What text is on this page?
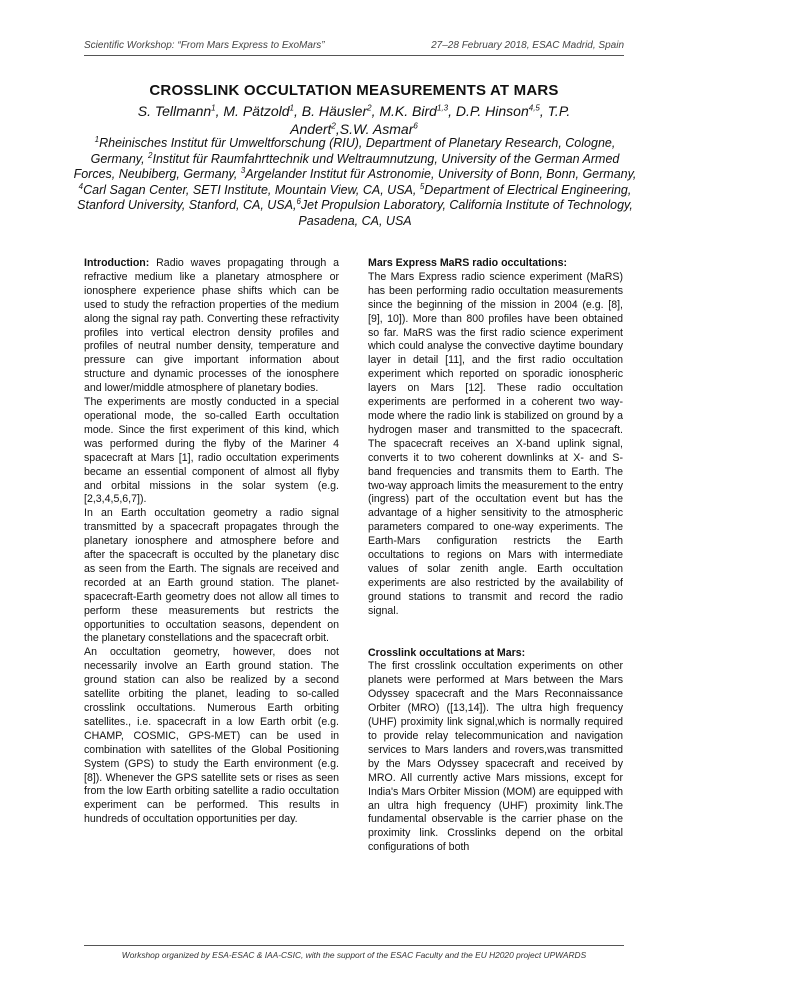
Scientific Workshop: “From Mars Express to ExoMars”	27–28 February 2018, ESAC Madrid, Spain
CROSSLINK OCCULTATION MEASUREMENTS AT MARS
S. Tellmann$^1$, M. Pätzold$^1$, B. Häusler$^2$, M.K. Bird$^{1,3}$, D.P. Hinson$^{4,5}$, T.P. Andert$^2$,S.W. Asmar$^6$
$^1$Rheinisches Institut für Umweltforschung (RIU), Department of Planetary Research, Cologne, Germany, $^2$Institut für Raumfahrttechnik und Weltraumnutzung, University of the German Armed Forces, Neubiberg, Germany, $^3$Argelander Institut für Astronomie, University of Bonn, Bonn, Germany, $^4$Carl Sagan Center, SETI Institute, Mountain View, CA, USA, $^5$Department of Electrical Engineering, Stanford University, Stanford, CA, USA,$^6$Jet Propulsion Laboratory, California Institute of Technology, Pasadena, CA, USA

Introduction: Radio waves propagating through a refractive medium like a planetary atmosphere or ionosphere experience phase shifts which can be used to study the refraction properties of the medium along the signal ray path. Converting these refractivity profiles into vertical electron density profiles and profiles of neutral number density, temperature and pressure can give important information about structure and dynamic processes of the ionosphere and lower/middle atmosphere of planetary bodies.

The experiments are mostly conducted in a special operational mode, the so-called Earth occultation mode. Since the first experiment of this kind, which was performed during the flyby of the Mariner 4 spacecraft at Mars [1], radio occultation experiments became an essential component of almost all flyby and orbital missions in the solar system (e.g.[2,3,4,5,6,7]).

In an Earth occultation geometry a radio signal transmitted by a spacecraft propagates through the planetary ionosphere and atmosphere before and after the spacecraft is occulted by the planetary disc as seen from the Earth. The signals are received and recorded at an Earth ground station. The planet-spacecraft-Earth geometry does not allow all times to perform these measurements but restricts the opportunities to occultation seasons, dependent on the planetary constellations and the spacecraft orbit.

An occultation geometry, however, does not necessarily involve an Earth ground station. The ground station can also be realized by a second satellite orbiting the planet, leading to so-called crosslink occultations. Numerous Earth orbiting satellites., i.e. spacecraft in a low Earth orbit (e.g. CHAMP, COSMIC, GPS-MET) can be used in combination with satellites of the Global Positioning System (GPS) to study the Earth environment (e.g. [8]). Whenever the GPS satellite sets or rises as seen from the low Earth orbiting satellite a radio occultation experiment can be performed. This results in hundreds of occultation opportunities per day.

Mars Express MaRS radio occultations:

The Mars Express radio science experiment (MaRS) has been performing radio occultation measurements since the beginning of the mission in 2004 (e.g. [8], [9], 10]). More than 800 profiles have been obtained so far. MaRS was the first radio science experiment which could analyse the convective daytime boundary layer in detail [11], and the first radio occultation experiment which reported on sporadic ionospheric layers on Mars [12]. These radio occultation experiments are performed in a coherent two way-mode where the radio link is stabilized on ground by a hydrogen maser and transmitted to the spacecraft. The spacecraft receives an X-band uplink signal, converts it to two coherent downlinks at X- and S-band frequencies and transmits them to Earth. The two-way approach limits the measurement to the entry (ingress) part of the occultation event but has the advantage of a higher sensitivity to the atmospheric parameters compared to one-way experiments. The Earth-Mars configuration restricts the Earth occultations to regions on Mars with intermediate values of solar zenith angle. Earth occultation experiments are also restricted by the availability of ground stations to transmit and record the radio signal.

Crosslink occultations at Mars:

The first crosslink occultation experiments on other planets were performed at Mars between the Mars Odyssey spacecraft and the Mars Reconnaissance Orbiter (MRO) ([13,14]). The ultra high frequency (UHF) proximity link signal,which is normally required to provide relay telecommunication and navigation services to Mars landers and rovers,was transmitted by the Mars Odyssey spacecraft and received by MRO. All currently active Mars missions, except for India's Mars Orbiter Mission (MOM) are equipped with an ultra high frequency (UHF) proximity link.The fundamental observable is the carrier phase on the proximity link. Crosslinks depend on the orbital configurations of both

Workshop organized by ESA-ESAC & IAA-CSIC, with the support of the ESAC Faculty and the EU H2020 project UPWARDS
